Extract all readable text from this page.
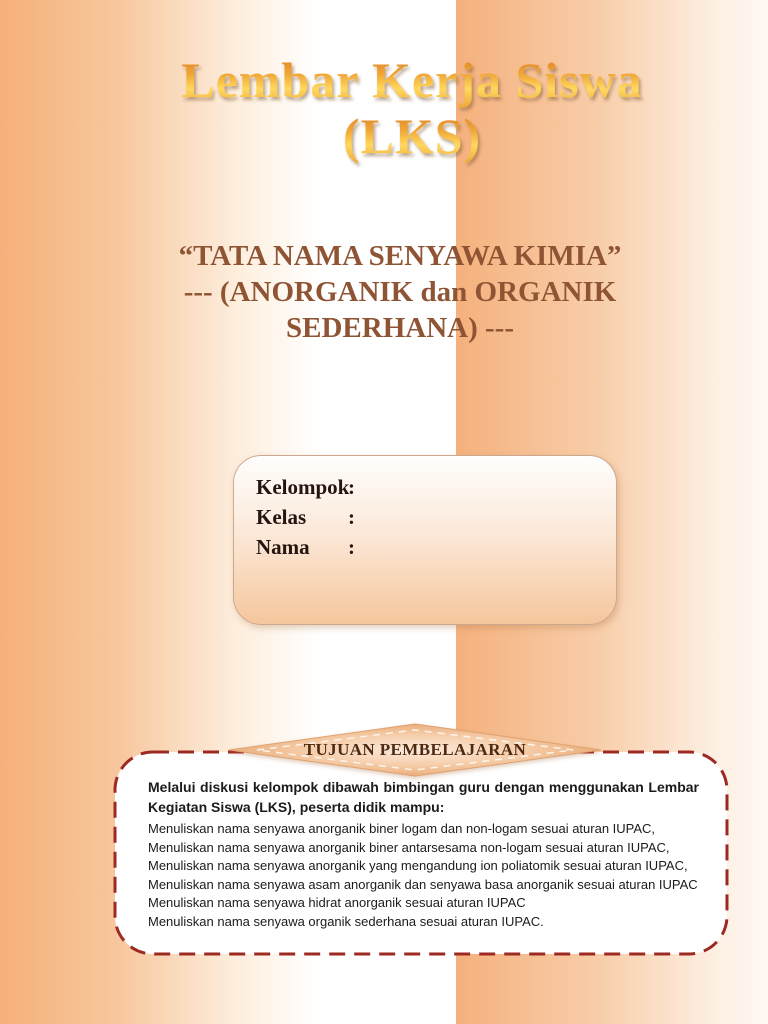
Lembar Kerja Siswa
(LKS)
“TATA NAMA SENYAWA KIMIA”
--- (ANORGANIK dan ORGANIK
SEDERHANA) ---
Kelompok
:
Kelas	:
Nama	:

Melalui diskusi kelompok dibawah bimbingan guru dengan menggunakan Lembar Kegiatan Siswa (LKS), peserta didik mampu:

Menuliskan nama senyawa anorganik biner logam dan non-logam sesuai aturan IUPAC,
Menuliskan nama senyawa anorganik biner antarsesama non-logam sesuai aturan IUPAC,
Menuliskan nama senyawa anorganik yang mengandung ion poliatomik sesuai aturan IUPAC,
Menuliskan nama senyawa asam anorganik dan senyawa basa anorganik sesuai aturan IUPAC
Menuliskan nama senyawa hidrat anorganik sesuai aturan IUPAC
Menuliskan nama senyawa organik sederhana sesuai aturan IUPAC.
TUJUAN PEMBELAJARAN
